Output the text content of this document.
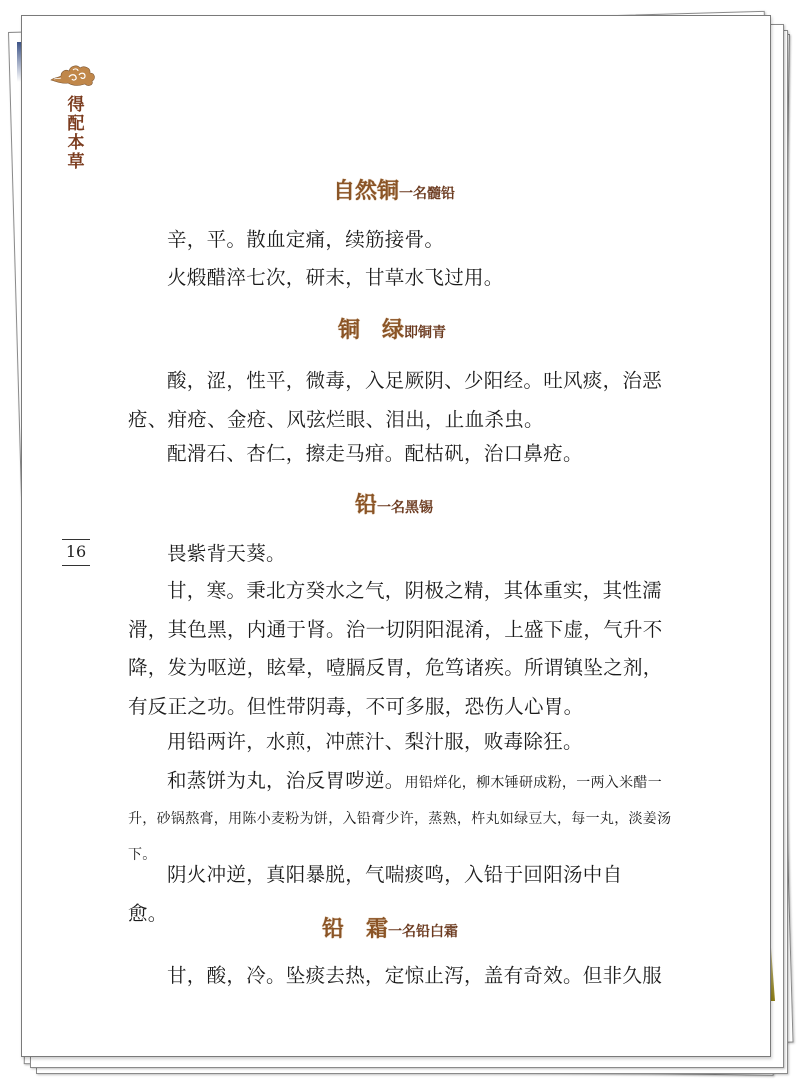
得
配
本
草
16
自然铜一名髓铅
辛，平。散血定痛，续筋接骨。
火煅醋淬七次，研末，甘草水飞过用。
铜　绿即铜青
酸，涩，性平，微毒，入足厥阴、少阳经。吐风痰，治恶疮、疳疮、金疮、风弦烂眼、泪出，止血杀虫。
配滑石、杏仁，擦走马疳。配枯矾，治口鼻疮。
铅一名黑锡
畏紫背天葵。
甘，寒。秉北方癸水之气，阴极之精，其体重实，其性濡滑，其色黑，内通于肾。治一切阴阳混淆，上盛下虚，气升不降，发为呕逆，眩晕，噎膈反胃，危笃诸疾。所谓镇坠之剂，有反正之功。但性带阴毒，不可多服，恐伤人心胃。
用铅两许，水煎，冲蔗汁、梨汁服，败毒除狂。
和蒸饼为丸，治反胃哕逆。用铅烊化，柳木锤研成粉，一两入米醋一升，砂锅熬膏，用陈小麦粉为饼，入铅膏少许，蒸熟，杵丸如绿豆大，每一丸，淡姜汤下。
阴火冲逆，真阳暴脱，气喘痰鸣，入铅于回阳汤中自愈。
铅　霜一名铅白霜
甘，酸，冷。坠痰去热，定惊止泻，盖有奇效。但非久服
